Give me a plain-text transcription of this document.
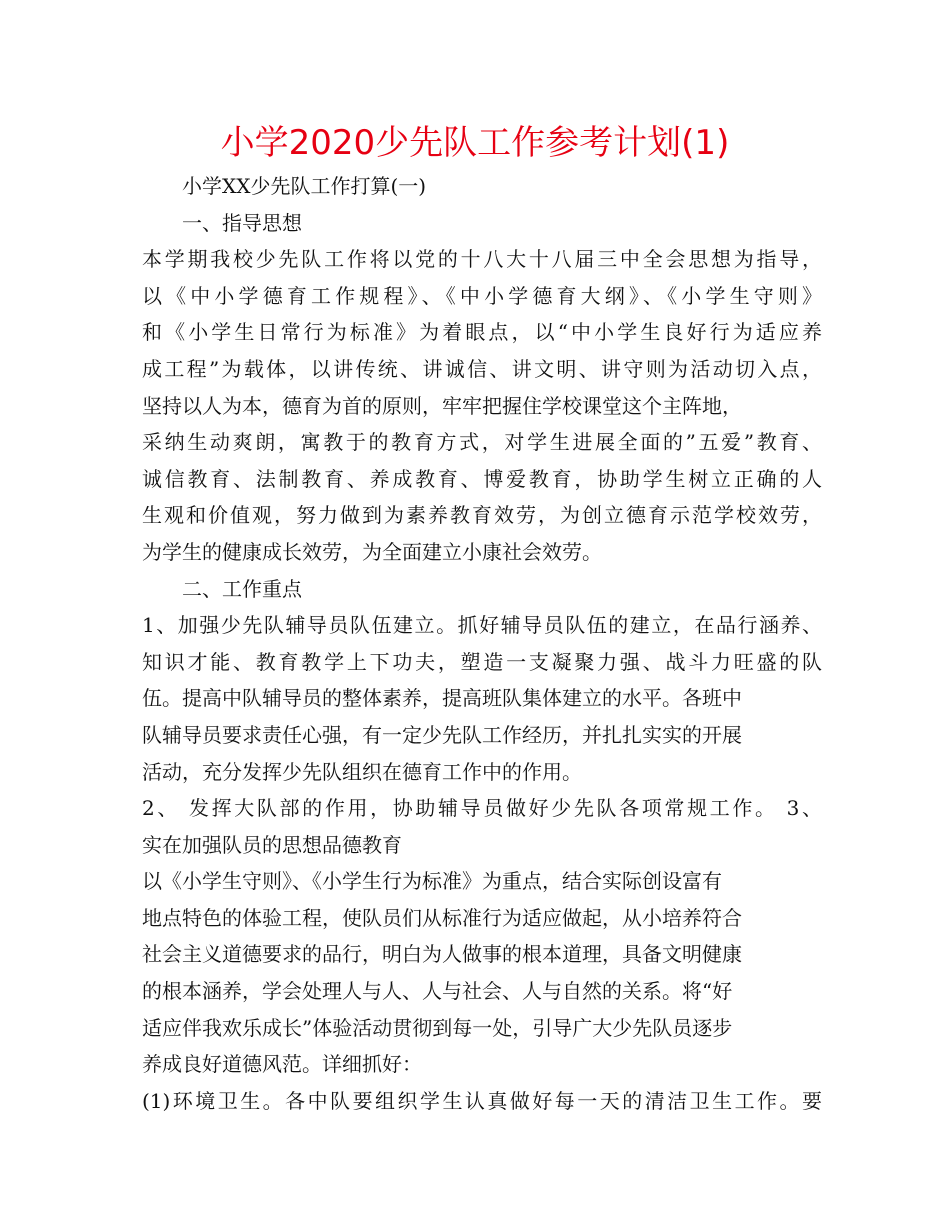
小学2020少先队工作参考计划(1)
小学XX少先队工作打算(一)
一、指导思想
本学期我校少先队工作将以党的十八大十八届三中全会思想为指导，
以《中小学德育工作规程》、《中小学德育大纲》、《小学生守则》
和《小学生日常行为标准》为着眼点，以“中小学生良好行为适应养
成工程”为载体，以讲传统、讲诚信、讲文明、讲守则为活动切入点，
坚持以人为本，德育为首的原则，牢牢把握住学校课堂这个主阵地，
采纳生动爽朗，寓教于的教育方式，对学生进展全面的”五爱”教育、
诚信教育、法制教育、养成教育、博爱教育，协助学生树立正确的人
生观和价值观，努力做到为素养教育效劳，为创立德育示范学校效劳，
为学生的健康成长效劳，为全面建立小康社会效劳。
二、工作重点
1、加强少先队辅导员队伍建立。抓好辅导员队伍的建立，在品行涵养、
知识才能、教育教学上下功夫，塑造一支凝聚力强、战斗力旺盛的队
伍。提高中队辅导员的整体素养，提高班队集体建立的水平。各班中
队辅导员要求责任心强，有一定少先队工作经历，并扎扎实实的开展
活动，充分发挥少先队组织在德育工作中的作用。
2、 发挥大队部的作用，协助辅导员做好少先队各项常规工作。 3、
实在加强队员的思想品德教育
以《小学生守则》、《小学生行为标准》为重点，结合实际创设富有
地点特色的体验工程，使队员们从标准行为适应做起，从小培养符合
社会主义道德要求的品行，明白为人做事的根本道理，具备文明健康
的根本涵养，学会处理人与人、人与社会、人与自然的关系。将“好
适应伴我欢乐成长”体验活动贯彻到每一处，引导广大少先队员逐步
养成良好道德风范。详细抓好：
(1)环境卫生。各中队要组织学生认真做好每一天的清洁卫生工作。要
